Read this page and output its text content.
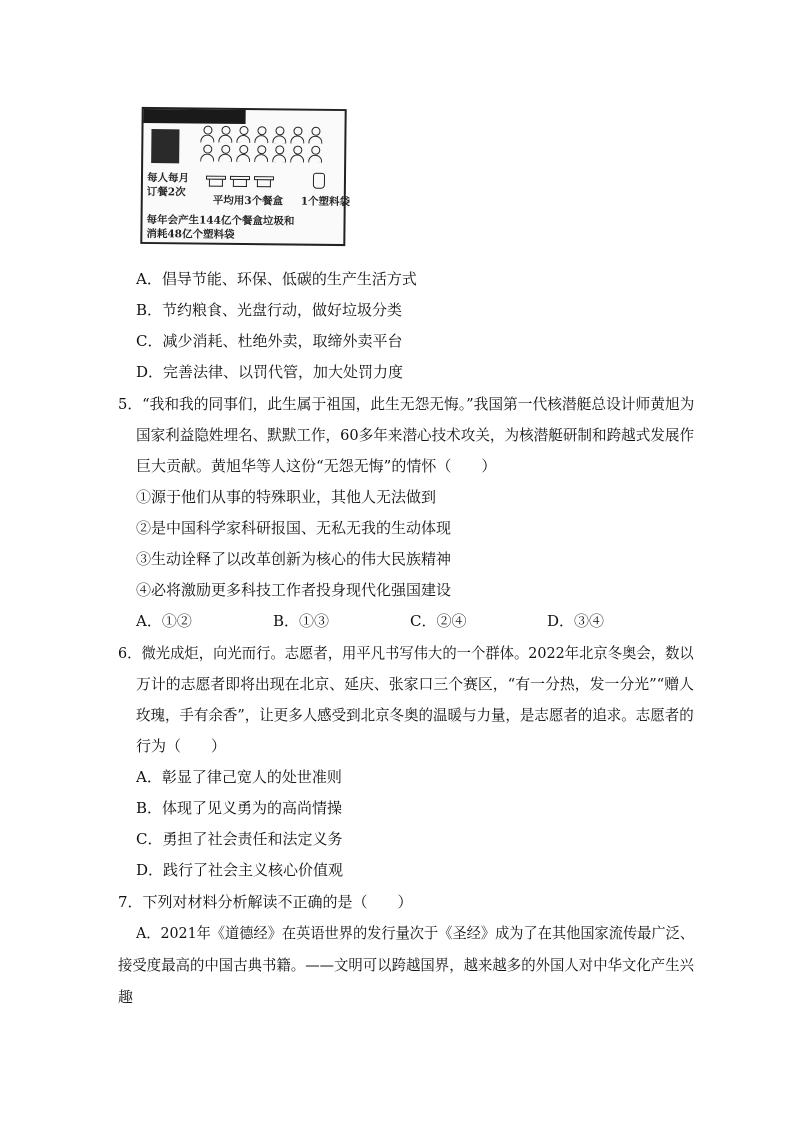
每人每月
订餐2次
平均用3个餐盒 1个塑料袋
每年会产生144亿个餐盒垃圾和
消耗48亿个塑料袋
A．倡导节能、环保、低碳的生产生活方式
B．节约粮食、光盘行动，做好垃圾分类
C．减少消耗、杜绝外卖，取缔外卖平台
D．完善法律、以罚代管，加大处罚力度
5．“我和我的同事们，此生属于祖国，此生无怨无悔。”我国第一代核潜艇总设计师黄旭为
国家利益隐姓埋名、默默工作，60多年来潜心技术攻关，为核潜艇研制和跨越式发展作
巨大贡献。黄旭华等人这份“无怨无悔”的情怀（　　）
①源于他们从事的特殊职业，其他人无法做到
②是中国科学家科研报国、无私无我的生动体现
③生动诠释了以改革创新为核心的伟大民族精神
④必将激励更多科技工作者投身现代化强国建设
A．①②	B．①③	C．②④	D．③④
6．微光成炬，向光而行。志愿者，用平凡书写伟大的一个群体。2022年北京冬奥会，数以
万计的志愿者即将出现在北京、延庆、张家口三个赛区，“有一分热，发一分光”“赠人
玫瑰，手有余香”，让更多人感受到北京冬奥的温暖与力量，是志愿者的追求。志愿者的
行为（　　）
A．彰显了律己宽人的处世准则
B．体现了见义勇为的高尚情操
C．勇担了社会责任和法定义务
D．践行了社会主义核心价值观
7．下列对材料分析解读不正确的是（　　）
A．2021年《道德经》在英语世界的发行量次于《圣经》成为了在其他国家流传最广泛、
接受度最高的中国古典书籍。——文明可以跨越国界，越来越多的外国人对中华文化产生兴
趣
